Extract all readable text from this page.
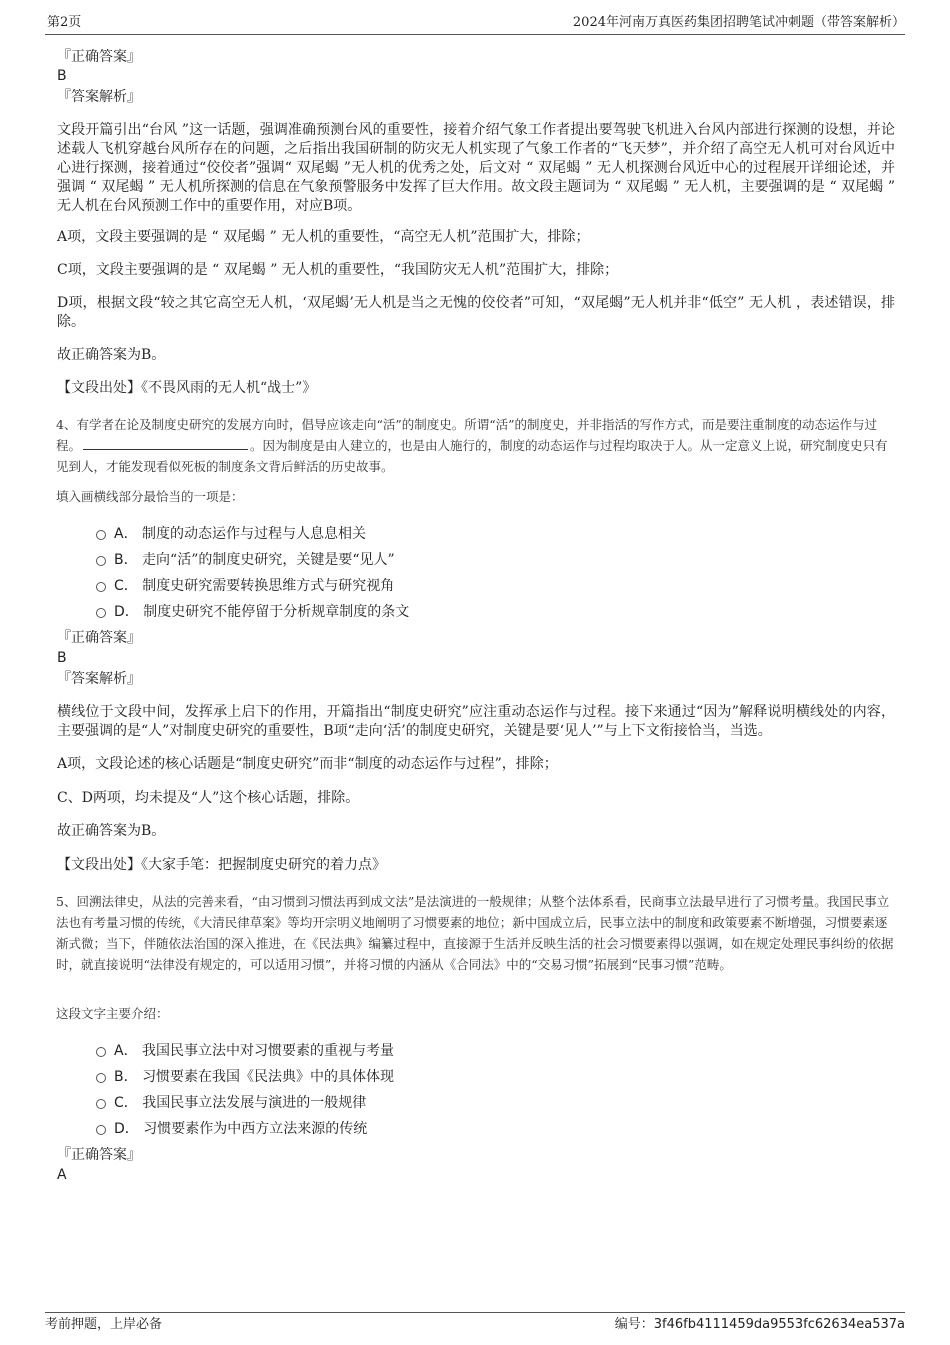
第2页	2024年河南万真医药集团招聘笔试冲刺题（带答案解析）
『正确答案』
B
『答案解析』
文段开篇引出“台风 ”这一话题，强调准确预测台风的重要性，接着介绍气象工作者提出要驾驶飞机进入台风内部进行探测的设想，并论述载人飞机穿越台风所存在的问题，之后指出我国研制的防灾无人机实现了气象工作者的“飞天梦”，并介绍了高空无人机可对台风近中心进行探测，接着通过“佼佼者”强调“ 双尾蝎 ”无人机的优秀之处，后文对 “ 双尾蝎 ” 无人机探测台风近中心的过程展开详细论述，并强调 “ 双尾蝎 ” 无人机所探测的信息在气象预警服务中发挥了巨大作用。故文段主题词为 “ 双尾蝎 ” 无人机，主要强调的是 “ 双尾蝎 ” 无人机在台风预测工作中的重要作用，对应B项。
A项，文段主要强调的是 “ 双尾蝎 ” 无人机的重要性，“高空无人机”范围扩大，排除；
C项，文段主要强调的是 “ 双尾蝎 ” 无人机的重要性，“我国防灾无人机”范围扩大，排除；
D项，根据文段“较之其它高空无人机，‘双尾蝎’无人机是当之无愧的佼佼者”可知，“双尾蝎”无人机并非“低空” 无人机 ，表述错误，排除。
故正确答案为B。
【文段出处】《不畏风雨的无人机“战士”》
4、有学者在论及制度史研究的发展方向时，倡导应该走向“活”的制度史。所谓“活”的制度史，并非指活的写作方式，而是要注重制度的动态运作与过程。	。因为制度是由人建立的，也是由人施行的，制度的动态运作与过程均取决于人。从一定意义上说，研究制度史只有见到人，才能发现看似死板的制度条文背后鲜活的历史故事。
填入画横线部分最恰当的一项是：
A． 制度的动态运作与过程与人息息相关
B． 走向“活”的制度史研究，关键是要“见人”
C． 制度史研究需要转换思维方式与研究视角
D． 制度史研究不能停留于分析规章制度的条文
『正确答案』
B
『答案解析』
横线位于文段中间，发挥承上启下的作用，开篇指出“制度史研究”应注重动态运作与过程。接下来通过“因为”解释说明横线处的内容，主要强调的是“人”对制度史研究的重要性，B项“走向‘活’的制度史研究，关键是要‘见人’”与上下文衔接恰当，当选。
A项，文段论述的核心话题是“制度史研究”而非“制度的动态运作与过程”，排除；
C、D两项，均未提及“人”这个核心话题，排除。
故正确答案为B。
【文段出处】《大家手笔：把握制度史研究的着力点》
5、回溯法律史，从法的完善来看，“由习惯到习惯法再到成文法”是法演进的一般规律；从整个法体系看，民商事立法最早进行了习惯考量。我国民事立法也有考量习惯的传统，《大清民律草案》等均开宗明义地阐明了习惯要素的地位；新中国成立后，民事立法中的制度和政策要素不断增强，习惯要素逐渐式微；当下，伴随依法治国的深入推进，在《民法典》编纂过程中，直接源于生活并反映生活的社会习惯要素得以强调，如在规定处理民事纠纷的依据时，就直接说明“法律没有规定的，可以适用习惯”，并将习惯的内涵从《合同法》中的“交易习惯”拓展到“民事习惯”范畴。
这段文字主要介绍：
A． 我国民事立法中对习惯要素的重视与考量
B． 习惯要素在我国《民法典》中的具体体现
C． 我国民事立法发展与演进的一般规律
D． 习惯要素作为中西方立法来源的传统
『正确答案』
A
考前押题，上岸必备	编号：3f46fb4111459da9553fc62634ea537a
